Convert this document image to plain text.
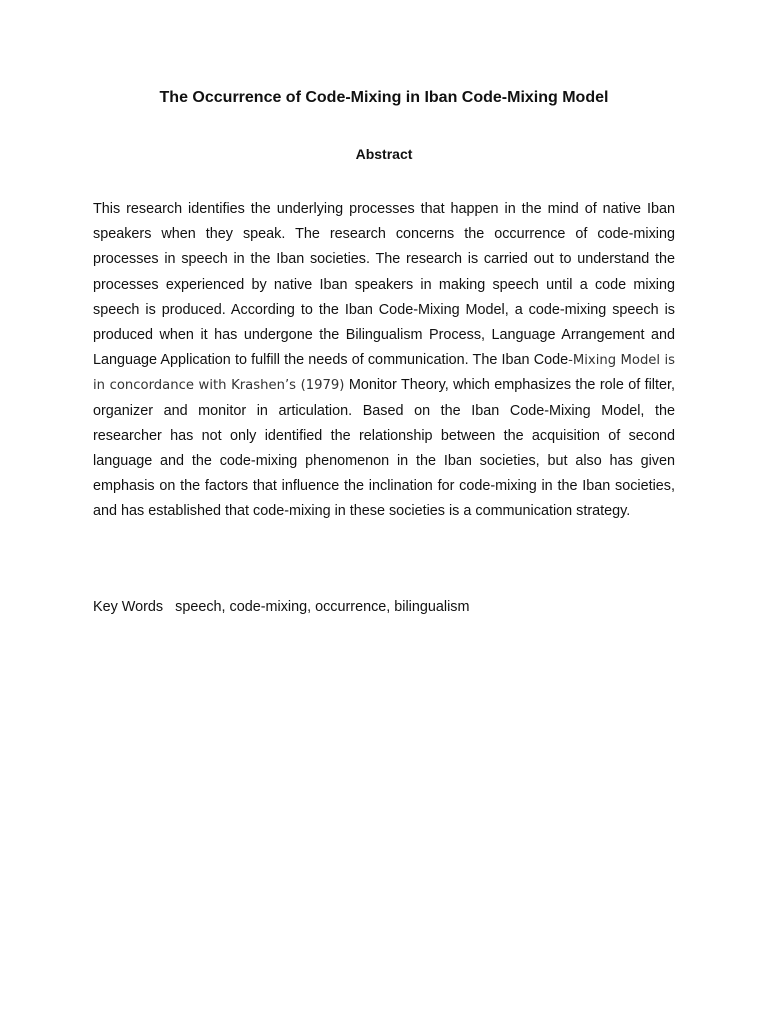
The Occurrence of Code-Mixing in Iban Code-Mixing Model
Abstract

This research identifies the underlying processes that happen in the mind of native Iban speakers when they speak. The research concerns the occurrence of code-mixing processes in speech in the Iban societies. The research is carried out to understand the processes experienced by native Iban speakers in making speech until a code mixing speech is produced. According to the Iban Code-Mixing Model, a code-mixing speech is produced when it has undergone the Bilingualism Process, Language Arrangement and Language Application to fulfill the needs of communication. The Iban Code-Mixing Model is in concordance with Krashen’s (1979) Monitor Theory, which emphasizes the role of filter, organizer and monitor in articulation. Based on the Iban Code-Mixing Model, the researcher has not only identified the relationship between the acquisition of second language and the code-mixing phenomenon in the Iban societies, but also has given emphasis on the factors that influence the inclination for code-mixing in the Iban societies, and has established that code-mixing in these societies is a communication strategy.

Key Words speech, code-mixing, occurrence, bilingualism
